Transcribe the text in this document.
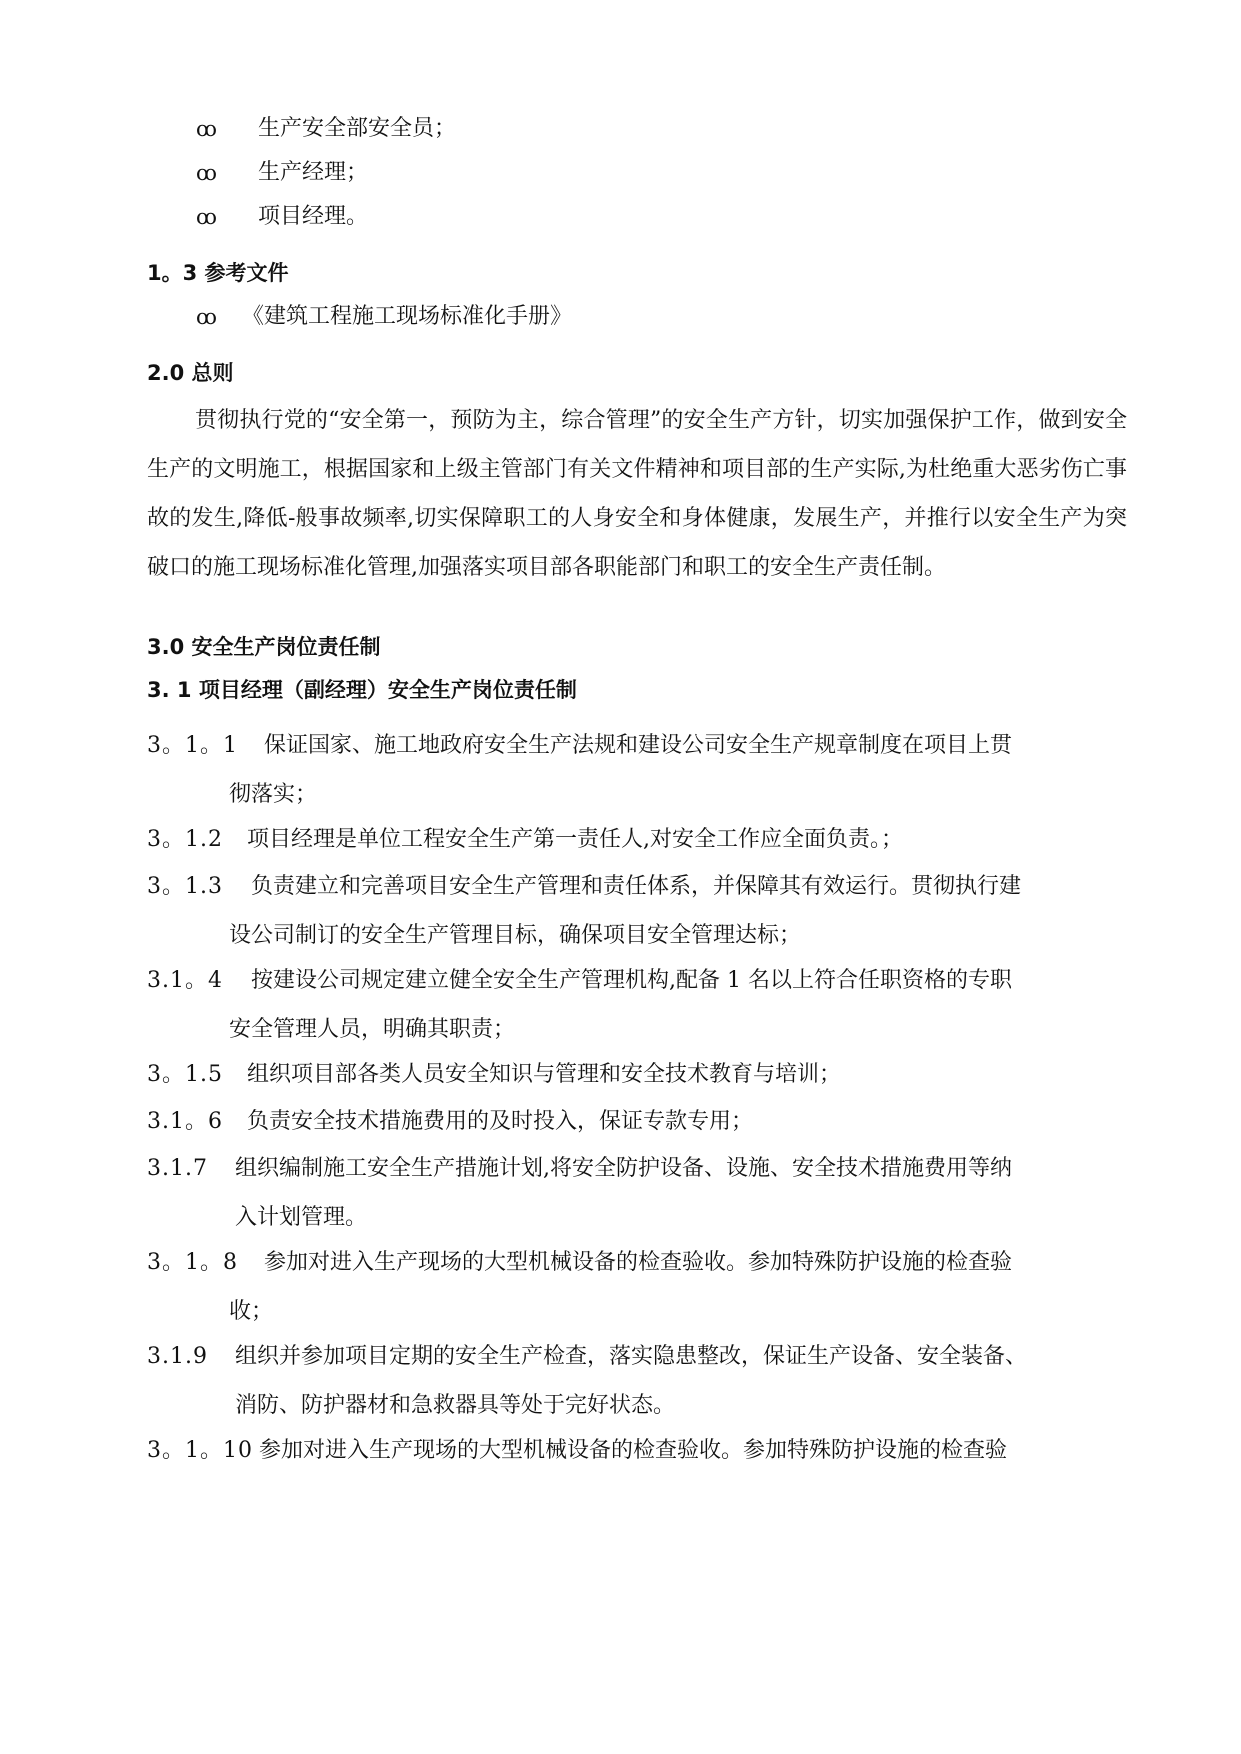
ꝏ 生产安全部安全员；
ꝏ 生产经理；
ꝏ 项目经理。
1。3 参考文件
ꝏ 《建筑工程施工现场标准化手册》
2.0 总则
贯彻执行党的“安全第一，预防为主，综合管理”的安全生产方针，切实加强保护工作，做到安全生产的文明施工，根据国家和上级主管部门有关文件精神和项目部的生产实际,为杜绝重大恶劣伤亡事故的发生,降低-般事故频率,切实保障职工的人身安全和身体健康，发展生产，并推行以安全生产为突破口的施工现场标准化管理,加强落实项目部各职能部门和职工的安全生产责任制。
3.0 安全生产岗位责任制
3. 1 项目经理（副经理）安全生产岗位责任制
3。1。1	保证国家、施工地政府安全生产法规和建设公司安全生产规章制度在项目上贯
彻落实；
3。1.2	项目经理是单位工程安全生产第一责任人,对安全工作应全面负责。；
3。1.3	负责建立和完善项目安全生产管理和责任体系，并保障其有效运行。贯彻执行建
设公司制订的安全生产管理目标，确保项目安全管理达标；
3.1。4	按建设公司规定建立健全安全生产管理机构,配备 1 名以上符合任职资格的专职
安全管理人员，明确其职责；
3。1.5	组织项目部各类人员安全知识与管理和安全技术教育与培训；
3.1。6	负责安全技术措施费用的及时投入，保证专款专用；
3.1.7	组织编制施工安全生产措施计划,将安全防护设备、设施、安全技术措施费用等纳
入计划管理。
3。1。8	参加对进入生产现场的大型机械设备的检查验收。参加特殊防护设施的检查验
收；
3.1.9	组织并参加项目定期的安全生产检查，落实隐患整改，保证生产设备、安全装备、
消防、防护器材和急救器具等处于完好状态。
3。1。10 参加对进入生产现场的大型机械设备的检查验收。参加特殊防护设施的检查验
